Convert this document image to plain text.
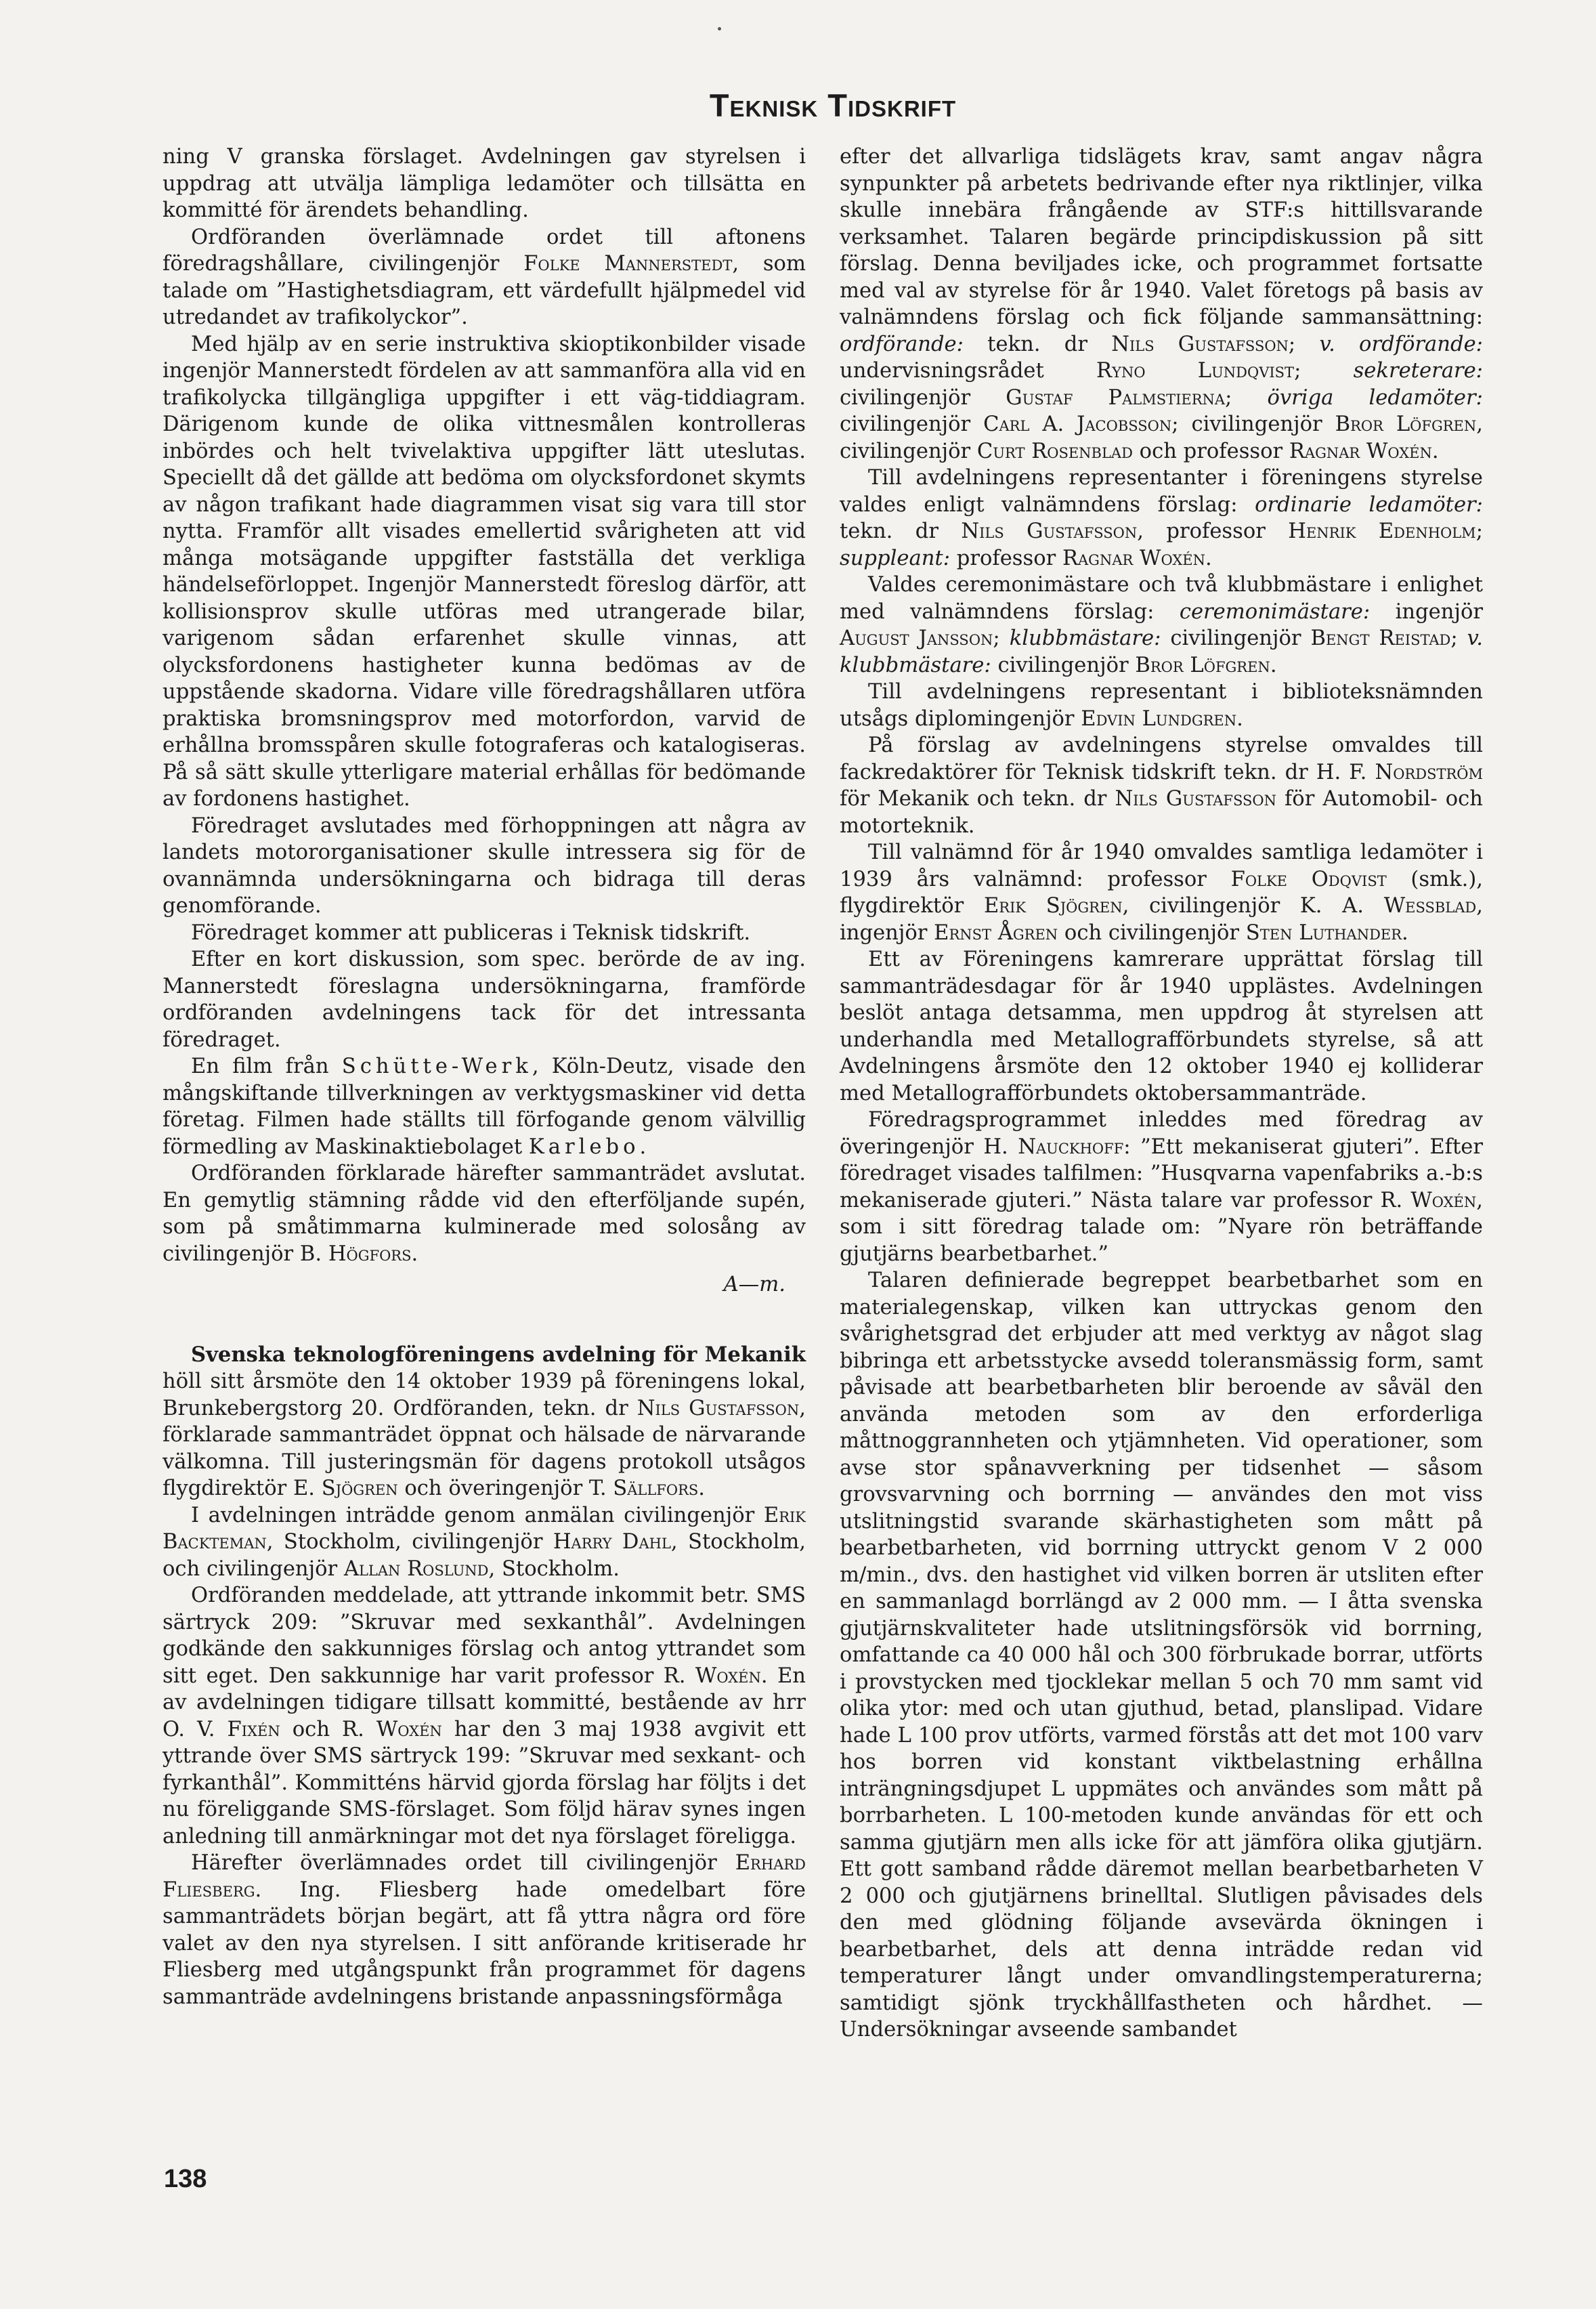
Teknisk Tidskrift

ning V granska förslaget. Avdelningen gav styrelsen i uppdrag att utvälja lämpliga ledamöter och tillsätta en kommitté för ärendets behandling.

Ordföranden överlämnade ordet till aftonens föredragshållare, civilingenjör Folke Mannerstedt, som talade om ”Hastighetsdiagram, ett värdefullt hjälpmedel vid utredandet av trafikolyckor”.

Med hjälp av en serie instruktiva skioptikonbilder visade ingenjör Mannerstedt fördelen av att sammanföra alla vid en trafikolycka tillgängliga uppgifter i ett väg-tiddiagram. Därigenom kunde de olika vittnesmålen kontrolleras inbördes och helt tvivelaktiva uppgifter lätt uteslutas. Speciellt då det gällde att bedöma om olycksfordonet skymts av någon trafikant hade diagrammen visat sig vara till stor nytta. Framför allt visades emellertid svårigheten att vid många motsägande uppgifter fastställa det verkliga händelseförloppet. Ingenjör Mannerstedt föreslog därför, att kollisionsprov skulle utföras med utrangerade bilar, varigenom sådan erfarenhet skulle vinnas, att olycksfordonens hastigheter kunna bedömas av de uppstående skadorna. Vidare ville föredragshållaren utföra praktiska bromsningsprov med motorfordon, varvid de erhållna bromsspåren skulle fotograferas och katalogiseras. På så sätt skulle ytterligare material erhållas för bedömande av fordonens hastighet.

Föredraget avslutades med förhoppningen att några av landets motororganisationer skulle intressera sig för de ovannämnda undersökningarna och bidraga till deras genomförande.

Föredraget kommer att publiceras i Teknisk tidskrift.

Efter en kort diskussion, som spec. berörde de av ing. Mannerstedt föreslagna undersökningarna, framförde ordföranden avdelningens tack för det intressanta föredraget.

En film från Schütte-Werk, Köln-Deutz, visade den mångskiftande tillverkningen av verktygsmaskiner vid detta företag. Filmen hade ställts till förfogande genom välvillig förmedling av Maskinaktiebolaget Karlebo.

Ordföranden förklarade härefter sammanträdet avslutat. En gemytlig stämning rådde vid den efterföljande supén, som på småtimmarna kulminerade med solosång av civilingenjör B. Högfors.

A—m.

Svenska teknologföreningens avdelning för Mekanik höll sitt årsmöte den 14 oktober 1939 på föreningens lokal, Brunkebergstorg 20. Ordföranden, tekn. dr Nils Gustafsson, förklarade sammanträdet öppnat och hälsade de närvarande välkomna. Till justeringsmän för dagens protokoll utsågos flygdirektör E. Sjögren och överingenjör T. Sällfors.

I avdelningen inträdde genom anmälan civilingenjör Erik Backteman, Stockholm, civilingenjör Harry Dahl, Stockholm, och civilingenjör Allan Roslund, Stockholm.

Ordföranden meddelade, att yttrande inkommit betr. SMS särtryck 209: ”Skruvar med sexkanthål”. Avdelningen godkände den sakkunniges förslag och antog yttrandet som sitt eget. Den sakkunnige har varit professor R. Woxén. En av avdelningen tidigare tillsatt kommitté, bestående av hrr O. V. Fixén och R. Woxén har den 3 maj 1938 avgivit ett yttrande över SMS särtryck 199: ”Skruvar med sexkant- och fyrkanthål”. Kommitténs härvid gjorda förslag har följts i det nu föreliggande SMS-förslaget. Som följd härav synes ingen anledning till anmärkningar mot det nya förslaget föreligga.

Härefter överlämnades ordet till civilingenjör Erhard Fliesberg. Ing. Fliesberg hade omedelbart före sammanträdets början begärt, att få yttra några ord före valet av den nya styrelsen. I sitt anförande kritiserade hr Fliesberg med utgångspunkt från programmet för dagens sammanträde avdelningens bristande anpassningsförmåga

efter det allvarliga tidslägets krav, samt angav några synpunkter på arbetets bedrivande efter nya riktlinjer, vilka skulle innebära frångående av STF:s hittillsvarande verksamhet. Talaren begärde principdiskussion på sitt förslag. Denna beviljades icke, och programmet fortsatte med val av styrelse för år 1940. Valet företogs på basis av valnämndens förslag och fick följande sammansättning: ordförande: tekn. dr Nils Gustafsson; v. ordförande: undervisningsrådet Ryno Lundqvist; sekreterare: civilingenjör Gustaf Palmstierna; övriga ledamöter: civilingenjör Carl A. Jacobsson; civilingenjör Bror Löfgren, civilingenjör Curt Rosenblad och professor Ragnar Woxén.

Till avdelningens representanter i föreningens styrelse valdes enligt valnämndens förslag: ordinarie ledamöter: tekn. dr Nils Gustafsson, professor Henrik Edenholm; suppleant: professor Ragnar Woxén.

Valdes ceremonimästare och två klubbmästare i enlighet med valnämndens förslag: ceremonimästare: ingenjör August Jansson; klubbmästare: civilingenjör Bengt Reistad; v. klubbmästare: civilingenjör Bror Löfgren.

Till avdelningens representant i biblioteksnämnden utsågs diplomingenjör Edvin Lundgren.

På förslag av avdelningens styrelse omvaldes till fackredaktörer för Teknisk tidskrift tekn. dr H. F. Nordström för Mekanik och tekn. dr Nils Gustafsson för Automobil- och motorteknik.

Till valnämnd för år 1940 omvaldes samtliga ledamöter i 1939 års valnämnd: professor Folke Odqvist (smk.), flygdirektör Erik Sjögren, civilingenjör K. A. Wessblad, ingenjör Ernst Ågren och civilingenjör Sten Luthander.

Ett av Föreningens kamrerare upprättat förslag till sammanträdesdagar för år 1940 upplästes. Avdelningen beslöt antaga detsamma, men uppdrog åt styrelsen att underhandla med Metallografförbundets styrelse, så att Avdelningens årsmöte den 12 oktober 1940 ej kolliderar med Metallografförbundets oktobersammanträde.

Föredragsprogrammet inleddes med föredrag av överingenjör H. Nauckhoff: ”Ett mekaniserat gjuteri”. Efter föredraget visades talfilmen: ”Husqvarna vapenfabriks a.-b:s mekaniserade gjuteri.” Nästa talare var professor R. Woxén, som i sitt föredrag talade om: ”Nyare rön beträffande gjutjärns bearbetbarhet.”

Talaren definierade begreppet bearbetbarhet som en materialegenskap, vilken kan uttryckas genom den svårighetsgrad det erbjuder att med verktyg av något slag bibringa ett arbetsstycke avsedd toleransmässig form, samt påvisade att bearbetbarheten blir beroende av såväl den använda metoden som av den erforderliga måttnoggrannheten och ytjämnheten. Vid operationer, som avse stor spånavverkning per tidsenhet — såsom grovsvarvning och borrning — användes den mot viss utslitningstid svarande skärhastigheten som mått på bearbetbarheten, vid borrning uttryckt genom V 2 000 m/min., dvs. den hastighet vid vilken borren är utsliten efter en sammanlagd borrlängd av 2 000 mm. — I åtta svenska gjutjärnskvaliteter hade utslitningsförsök vid borrning, omfattande ca 40 000 hål och 300 förbrukade borrar, utförts i provstycken med tjocklekar mellan 5 och 70 mm samt vid olika ytor: med och utan gjuthud, betad, planslipad. Vidare hade L 100 prov utförts, varmed förstås att det mot 100 varv hos borren vid konstant viktbelastning erhållna inträngningsdjupet L uppmätes och användes som mått på borrbarheten. L 100-metoden kunde användas för ett och samma gjutjärn men alls icke för att jämföra olika gjutjärn. Ett gott samband rådde däremot mellan bearbetbarheten V 2 000 och gjutjärnens brinelltal. Slutligen påvisades dels den med glödning följande avsevärda ökningen i bearbetbarhet, dels att denna inträdde redan vid temperaturer långt under omvandlingstemperaturerna; samtidigt sjönk tryckhållfastheten och hårdhet. — Undersökningar avseende sambandet

138
